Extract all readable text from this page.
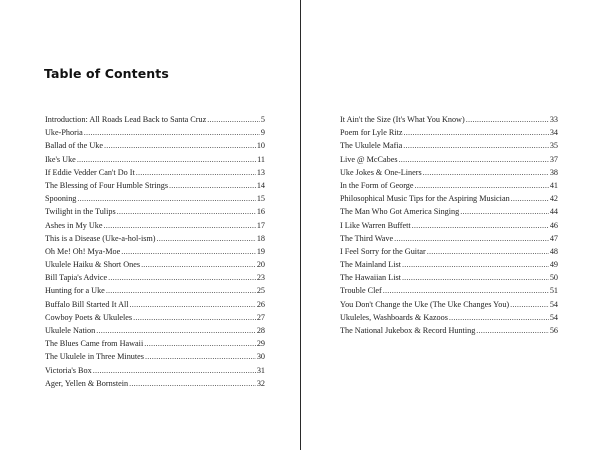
Table of Contents
Introduction: All Roads Lead Back to Santa Cruz .....	5
Uke-Phoria .....	9
Ballad of the Uke .....	10
Ike's Uke .....	11
If Eddie Vedder Can't Do It .....	13
The Blessing of Four Humble Strings .....	14
Spooning .....	15
Twilight in the Tulips .....	16
Ashes in My Uke .....	17
This is a Disease (Uke-a-hol-ism) .....	18
Oh Me! Oh! Mya-Moe .....	19
Ukulele Haiku & Short Ones .....	20
Bill Tapia's Advice .....	23
Hunting for a Uke .....	25
Buffalo Bill Started It All .....	26
Cowboy Poets & Ukuleles .....	27
Ukulele Nation .....	28
The Blues Came from Hawaii .....	29
The Ukulele in Three Minutes .....	30
Victoria's Box .....	31
Ager, Yellen & Bornstein .....	32
It Ain't the Size (It's What You Know) .....	33
Poem for Lyle Ritz .....	34
The Ukulele Mafia .....	35
Live @ McCabes .....	37
Uke Jokes & One-Liners .....	38
In the Form of George .....	41
Philosophical Music Tips for the Aspiring Musician .....	42
The Man Who Got America Singing .....	44
I Like Warren Buffett .....	46
The Third Wave .....	47
I Feel Sorry for the Guitar .....	48
The Mainland List .....	49
The Hawaiian List .....	50
Trouble Clef .....	51
You Don't Change the Uke (The Uke Changes You) .....	54
Ukuleles, Washboards & Kazoos .....	54
The National Jukebox & Record Hunting .....	56
